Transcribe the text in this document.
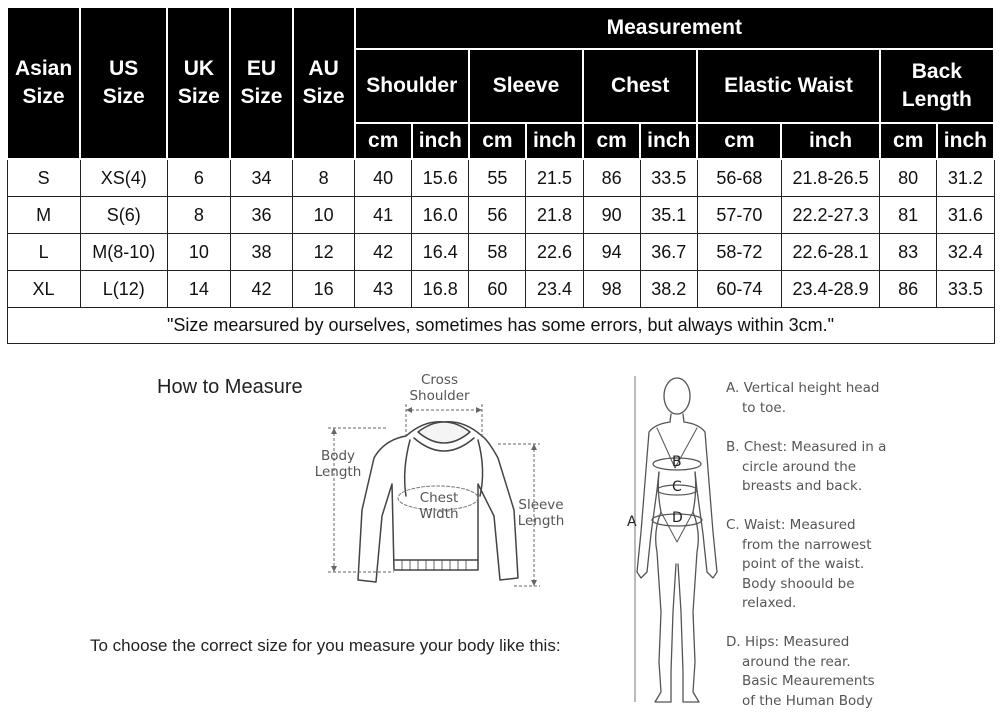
Asian
Size	US
Size	UK
Size	EU
Size	AU
Size	Measurement									
					Shoulder		Sleeve		Chest		Elastic Waist		Back
Length	
					cm	inch	cm	inch	cm	inch	cm	inch	cm	inch
S	XS(4)	6	34	8	40	15.6	55	21.5	86	33.5	56-68	21.8-26.5	80	31.2
M	S(6)	8	36	10	41	16.0	56	21.8	90	35.1	57-70	22.2-27.3	81	31.6
L	M(8-10)	10	38	12	42	16.4	58	22.6	94	36.7	58-72	22.6-28.1	83	32.4
XL	L(12)	14	42	16	43	16.8	60	23.4	98	38.2	60-74	23.4-28.9	86	33.5
"Size mearsured by ourselves, sometimes has some errors, but always within 3cm."														
How to Measure	Cross
Shoulder
Body
Length
Chest
Width
Sleeve
Length
To choose the correct size for you measure your body like this:
A
B
C
D
A. Vertical height head
to toe.
B. Chest: Measured in a
circle around the
breasts and back.
C. Waist: Measured
from the narrowest
point of the waist.
Body shoould be
relaxed.
D. Hips: Measured
around the rear.
Basic Meaurements
of the Human Body
